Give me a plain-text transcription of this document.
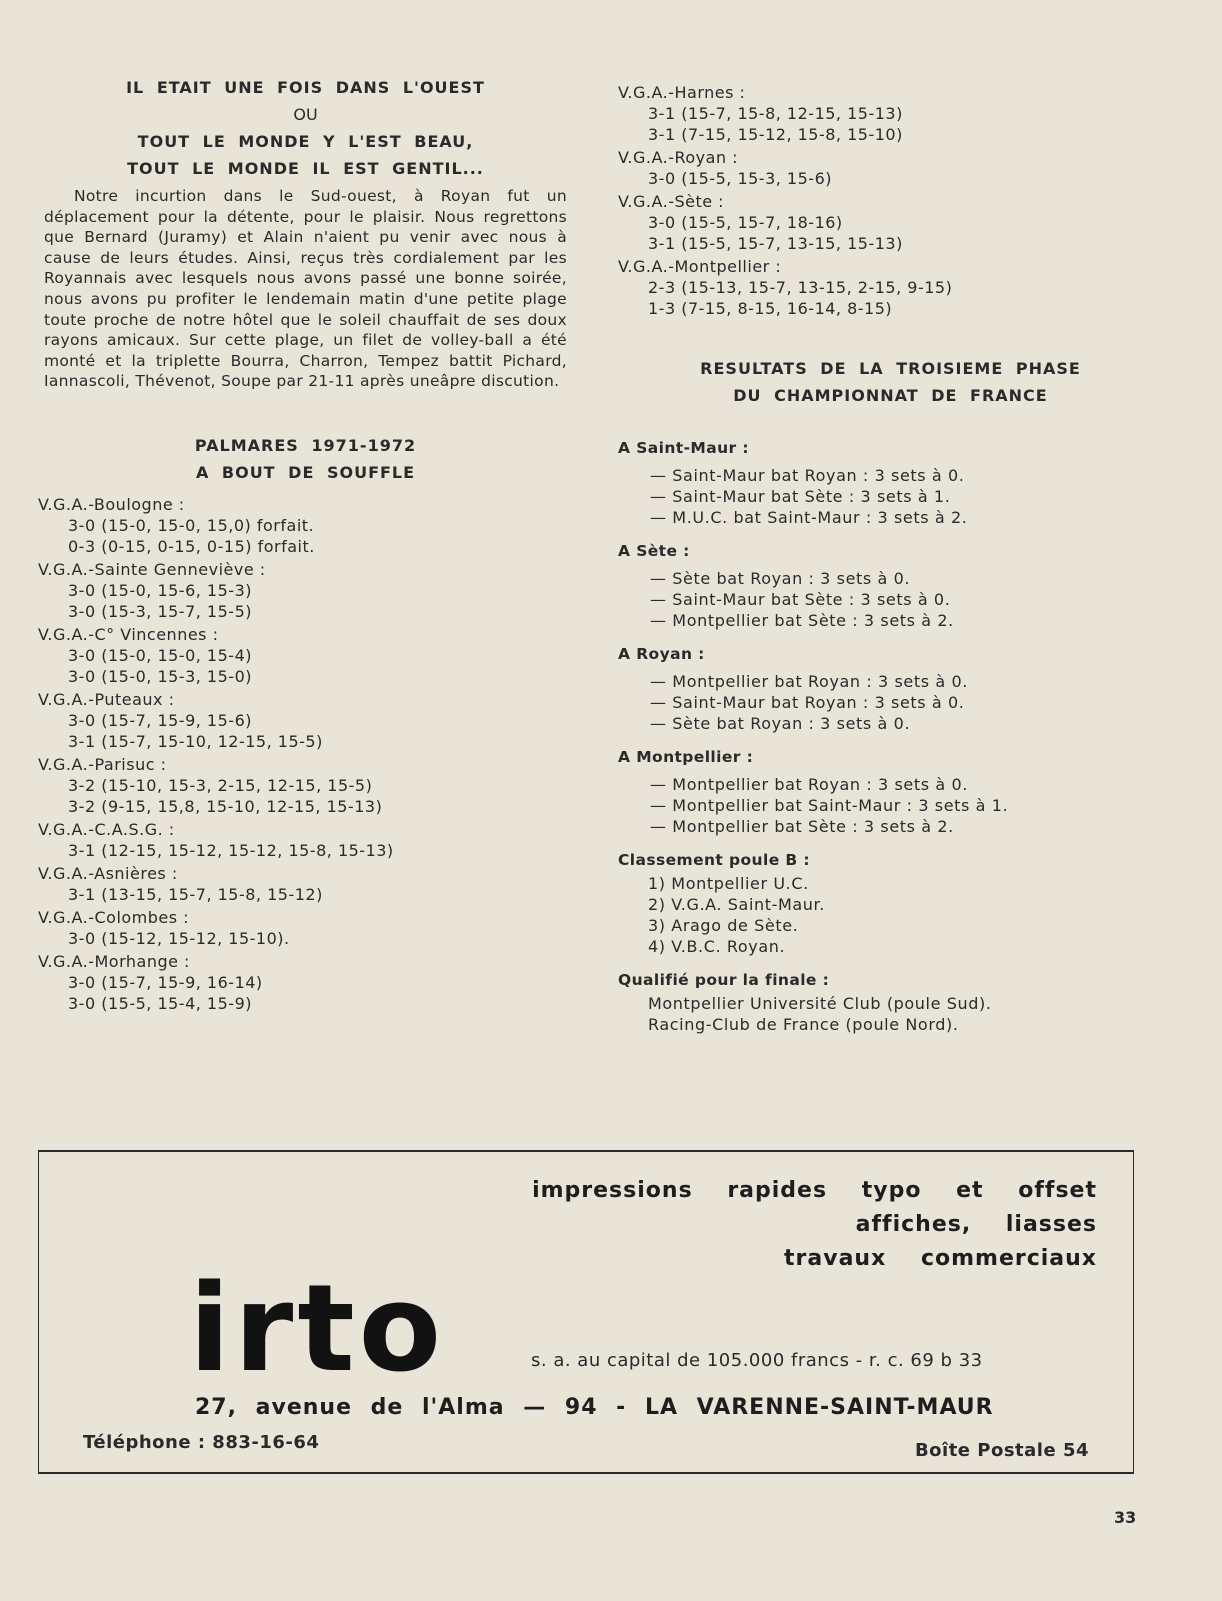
IL ETAIT UNE FOIS DANS L'OUEST

OU

TOUT LE MONDE Y L'EST BEAU,

TOUT LE MONDE IL EST GENTIL...

Notre incurtion dans le Sud-ouest, à Royan fut un déplacement pour la détente, pour le plaisir. Nous regrettons que Bernard (Juramy) et Alain n'aient pu venir avec nous à cause de leurs études. Ainsi, reçus très cordialement par les Royannais avec lesquels nous avons passé une bonne soirée, nous avons pu profiter le lendemain matin d'une petite plage toute proche de notre hôtel que le soleil chauffait de ses doux rayons amicaux. Sur cette plage, un filet de volley-ball a été monté et la triplette Bourra, Charron, Tempez battit Pichard, Iannascoli, Thévenot, Soupe par 21-11 après uneâpre discution.

PALMARES 1971-1972

A BOUT DE SOUFFLE

V.G.A.-Boulogne :
3-0 (15-0, 15-0, 15,0) forfait.
0-3 (0-15, 0-15, 0-15) forfait.
V.G.A.-Sainte Gennevièvе :
3-0 (15-0, 15-6, 15-3)
3-0 (15-3, 15-7, 15-5)
V.G.A.-C° Vincennes :
3-0 (15-0, 15-0, 15-4)
3-0 (15-0, 15-3, 15-0)
V.G.A.-Puteaux :
3-0 (15-7, 15-9, 15-6)
3-1 (15-7, 15-10, 12-15, 15-5)
V.G.A.-Parisuc :
3-2 (15-10, 15-3, 2-15, 12-15, 15-5)
3-2 (9-15, 15,8, 15-10, 12-15, 15-13)
V.G.A.-C.A.S.G. :
3-1 (12-15, 15-12, 15-12, 15-8, 15-13)
V.G.A.-Asnières :
3-1 (13-15, 15-7, 15-8, 15-12)
V.G.A.-Colombes :
3-0 (15-12, 15-12, 15-10).
V.G.A.-Morhange :
3-0 (15-7, 15-9, 16-14)
3-0 (15-5, 15-4, 15-9)
V.G.A.-Harnes :
3-1 (15-7, 15-8, 12-15, 15-13)
3-1 (7-15, 15-12, 15-8, 15-10)
V.G.A.-Royan :
3-0 (15-5, 15-3, 15-6)
V.G.A.-Sète :
3-0 (15-5, 15-7, 18-16)
3-1 (15-5, 15-7, 13-15, 15-13)
V.G.A.-Montpellier :
2-3 (15-13, 15-7, 13-15, 2-15, 9-15)
1-3 (7-15, 8-15, 16-14, 8-15)

RESULTATS DE LA TROISIEME PHASE

DU CHAMPIONNAT DE FRANCE

A Saint-Maur :

— Saint-Maur bat Royan : 3 sets à 0.
— Saint-Maur bat Sète : 3 sets à 1.
— M.U.C. bat Saint-Maur : 3 sets à 2.

A Sète :

— Sète bat Royan : 3 sets à 0.
— Saint-Maur bat Sète : 3 sets à 0.
— Montpellier bat Sète : 3 sets à 2.

A Royan :

— Montpellier bat Royan : 3 sets à 0.
— Saint-Maur bat Royan : 3 sets à 0.
— Sète bat Royan : 3 sets à 0.

A Montpellier :

— Montpellier bat Royan : 3 sets à 0.
— Montpellier bat Saint-Maur : 3 sets à 1.
— Montpellier bat Sète : 3 sets à 2.

Classement poule B :

1) Montpellier U.C.
2) V.G.A. Saint-Maur.
3) Arago de Sète.
4) V.B.C. Royan.

Qualifié pour la finale :

Montpellier Université Club (poule Sud).
Racing-Club de France (poule Nord).
impressions rapides typo et offset
affiches, liasses
travaux commerciaux
irto	s. a. au capital de 105.000 francs - r. c. 69 b 33
27, avenue de l'Alma — 94 - LA VARENNE-SAINT-MAUR
Téléphone : 883-16-64	Boîte Postale 54
33
